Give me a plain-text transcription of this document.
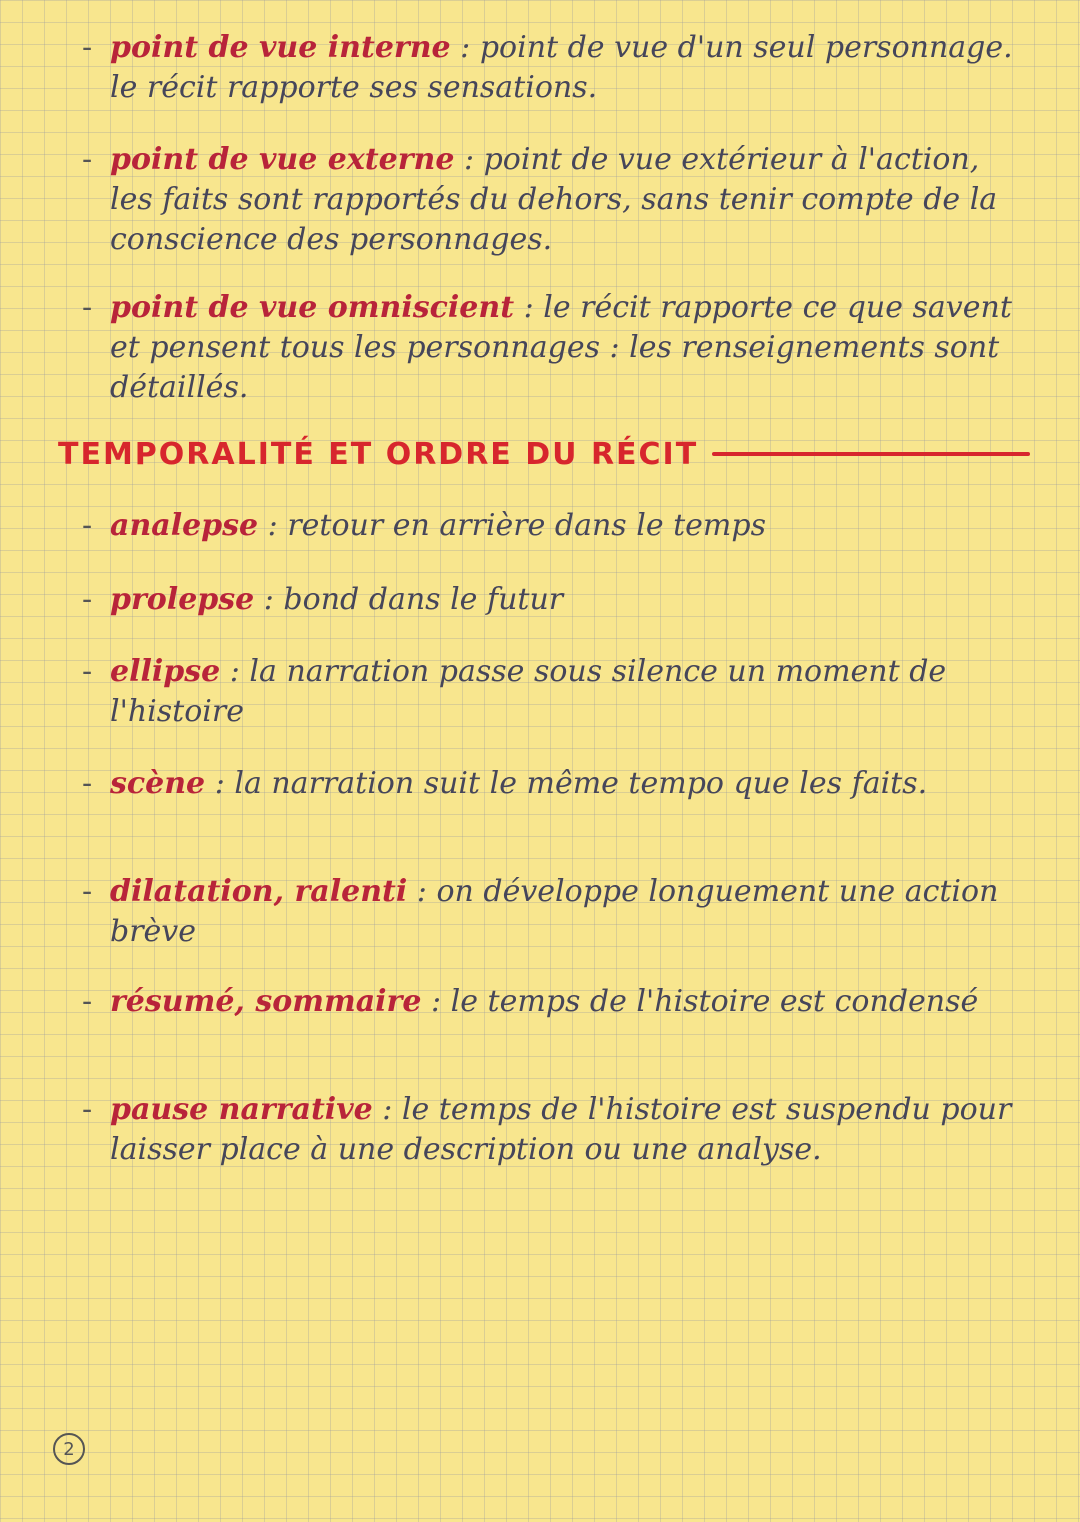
- point de vue interne : point de vue d'un seul personnage. le récit rapporte ses sensations.
- point de vue externe : point de vue extérieur à l'action, les faits sont rapportés du dehors, sans tenir compte de la conscience des personnages.
- point de vue omniscient : le récit rapporte ce que savent et pensent tous les personnages : les renseignements sont détaillés.
TEMPORALITÉ ET ORDRE DU RÉCIT
- analepse : retour en arrière dans le temps
- prolepse : bond dans le futur
- ellipse : la narration passe sous silence un moment de l'histoire
- scène : la narration suit le même tempo que les faits.
- dilatation, ralenti : on développe longuement une action brève
- résumé, sommaire : le temps de l'histoire est condensé
- pause narrative : le temps de l'histoire est suspendu pour laisser place à une description ou une analyse.
2
